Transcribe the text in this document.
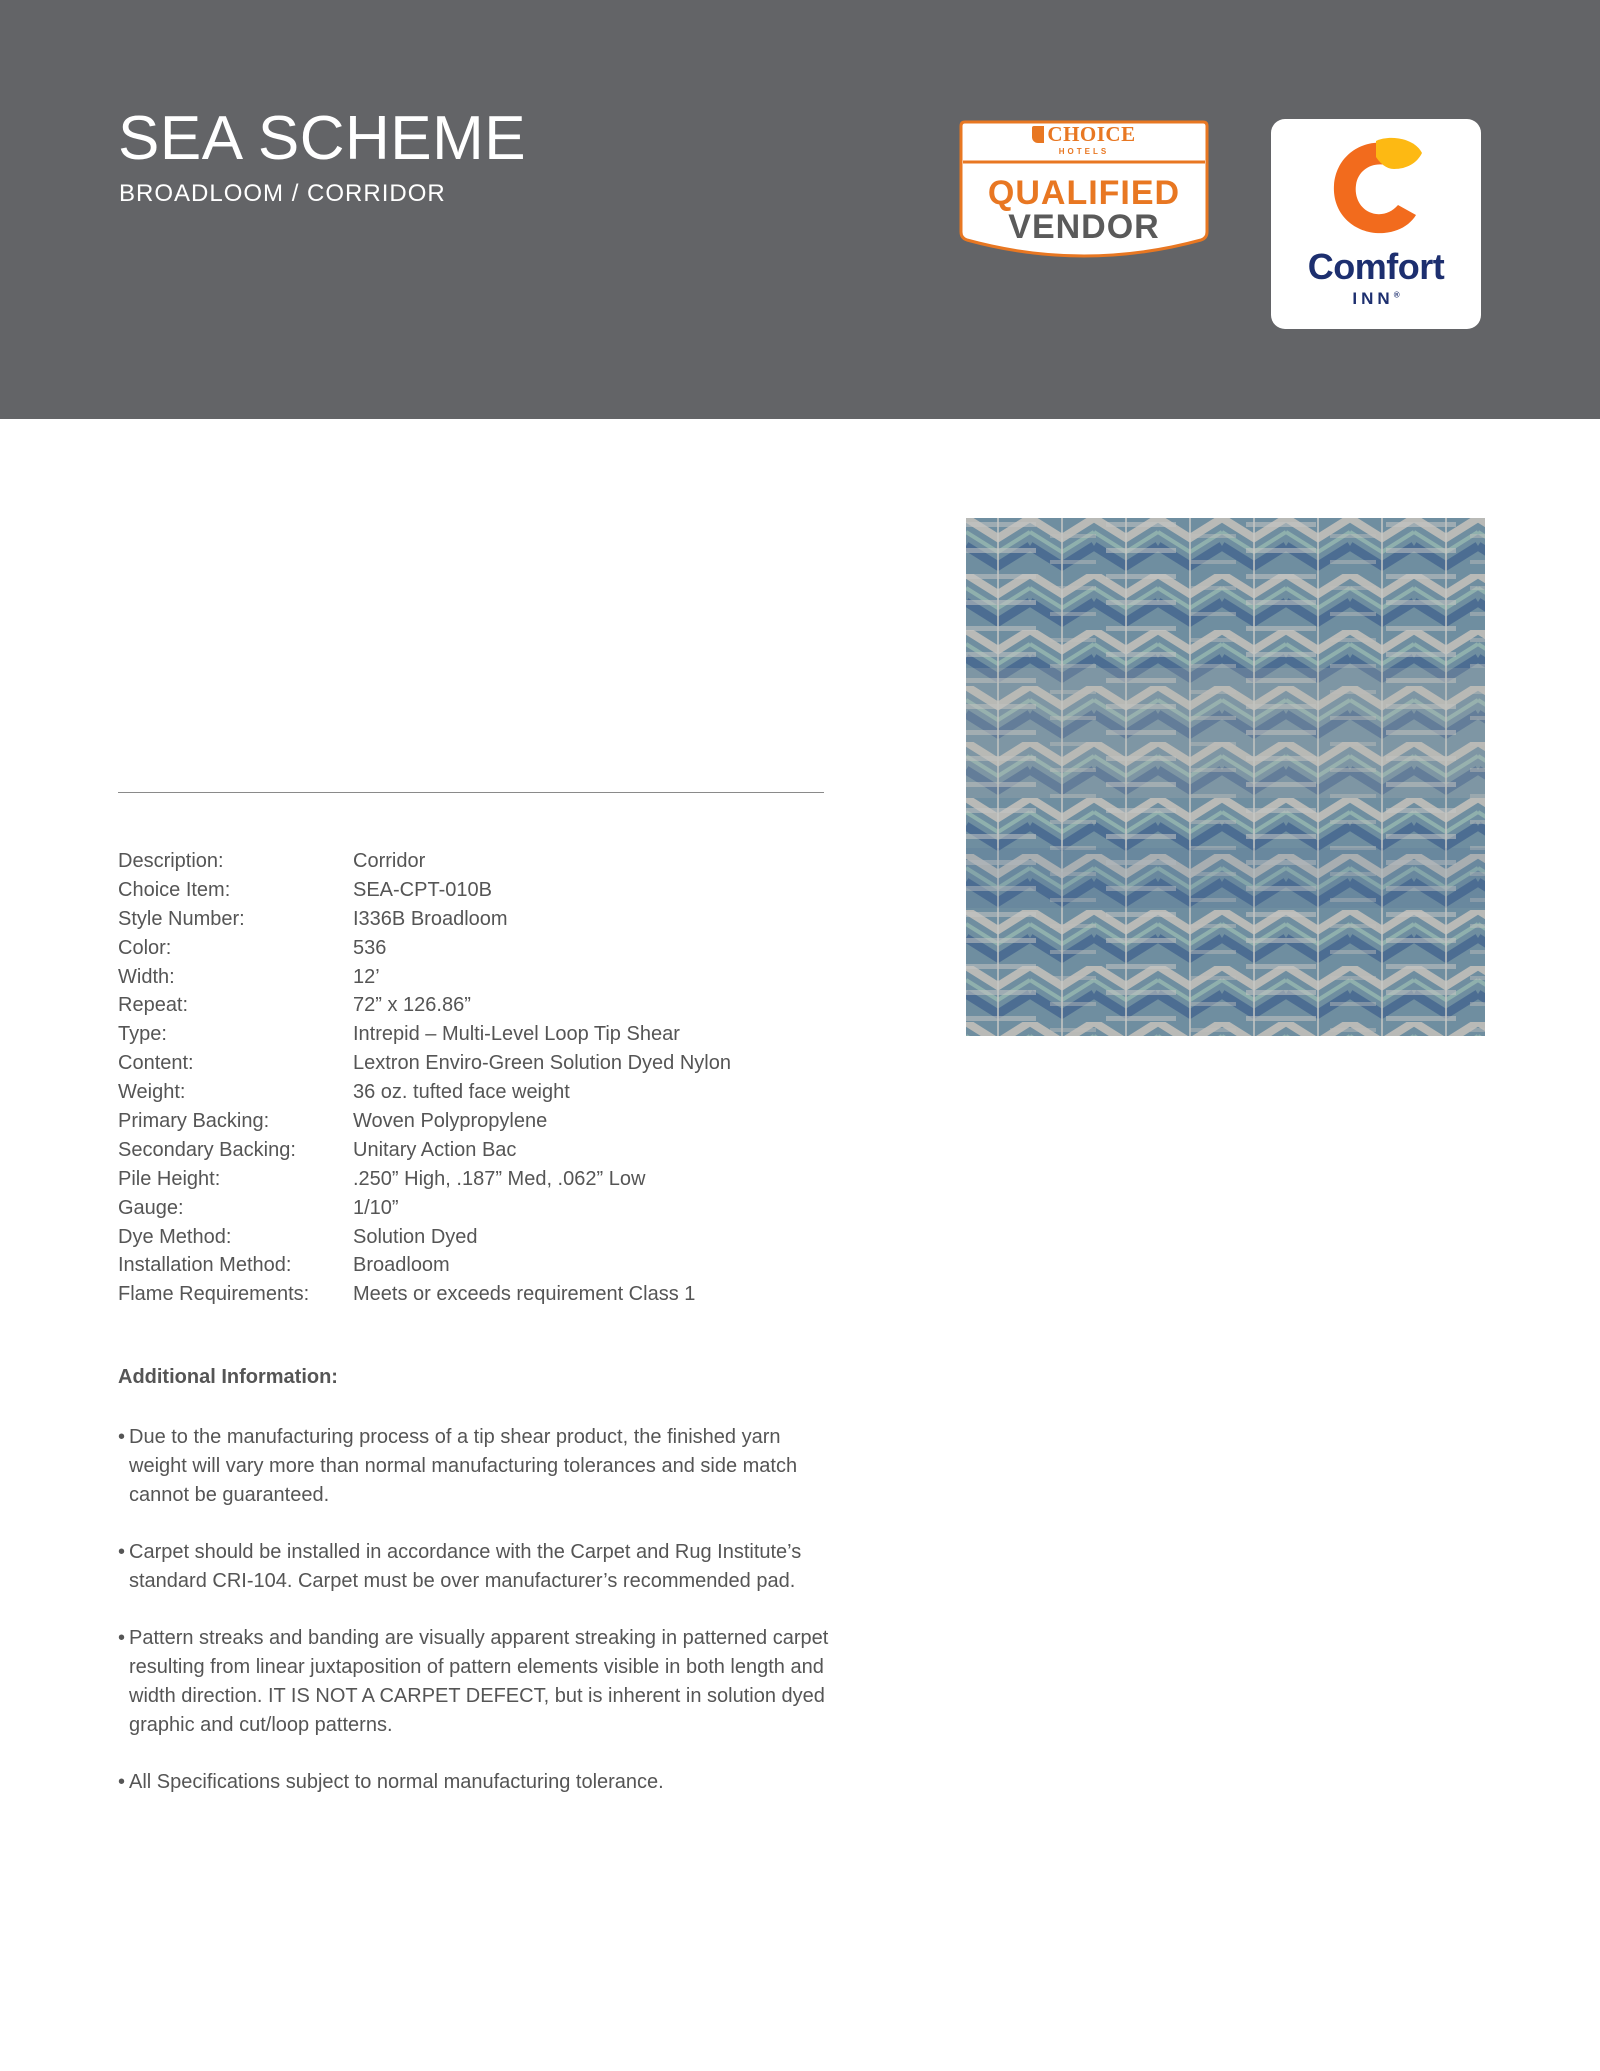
SEA SCHEME
BROADLOOM / CORRIDOR
CHOICE
HOTELS
QUALIFIED
VENDOR
Comfort
INN®
Description:	Corridor
Choice Item:	SEA-CPT-010B
Style Number:	I336B Broadloom
Color:	536
Width:	12’
Repeat:	72” x 126.86”
Type:	Intrepid – Multi-Level Loop Tip Shear
Content:	Lextron Enviro-Green Solution Dyed Nylon
Weight:	36 oz. tufted face weight
Primary Backing:	Woven Polypropylene
Secondary Backing:	Unitary Action Bac
Pile Height:	.250” High, .187” Med, .062” Low
Gauge:	1/10”
Dye Method:	Solution Dyed
Installation Method:	Broadloom
Flame Requirements: Meets or exceeds requirement Class 1
Additional Information:

• Due to the manufacturing process of a tip shear product, the finished yarn weight will vary more than normal manufacturing tolerances and side match cannot be guaranteed.

• Carpet should be installed in accordance with the Carpet and Rug Institute’s standard CRI-104. Carpet must be over manufacturer’s recommended pad.

• Pattern streaks and banding are visually apparent streaking in patterned carpet resulting from linear juxtaposition of pattern elements visible in both length and width direction. IT IS NOT A CARPET DEFECT, but is inherent in solution dyed graphic and cut/loop patterns.

• All Specifications subject to normal manufacturing tolerance.
